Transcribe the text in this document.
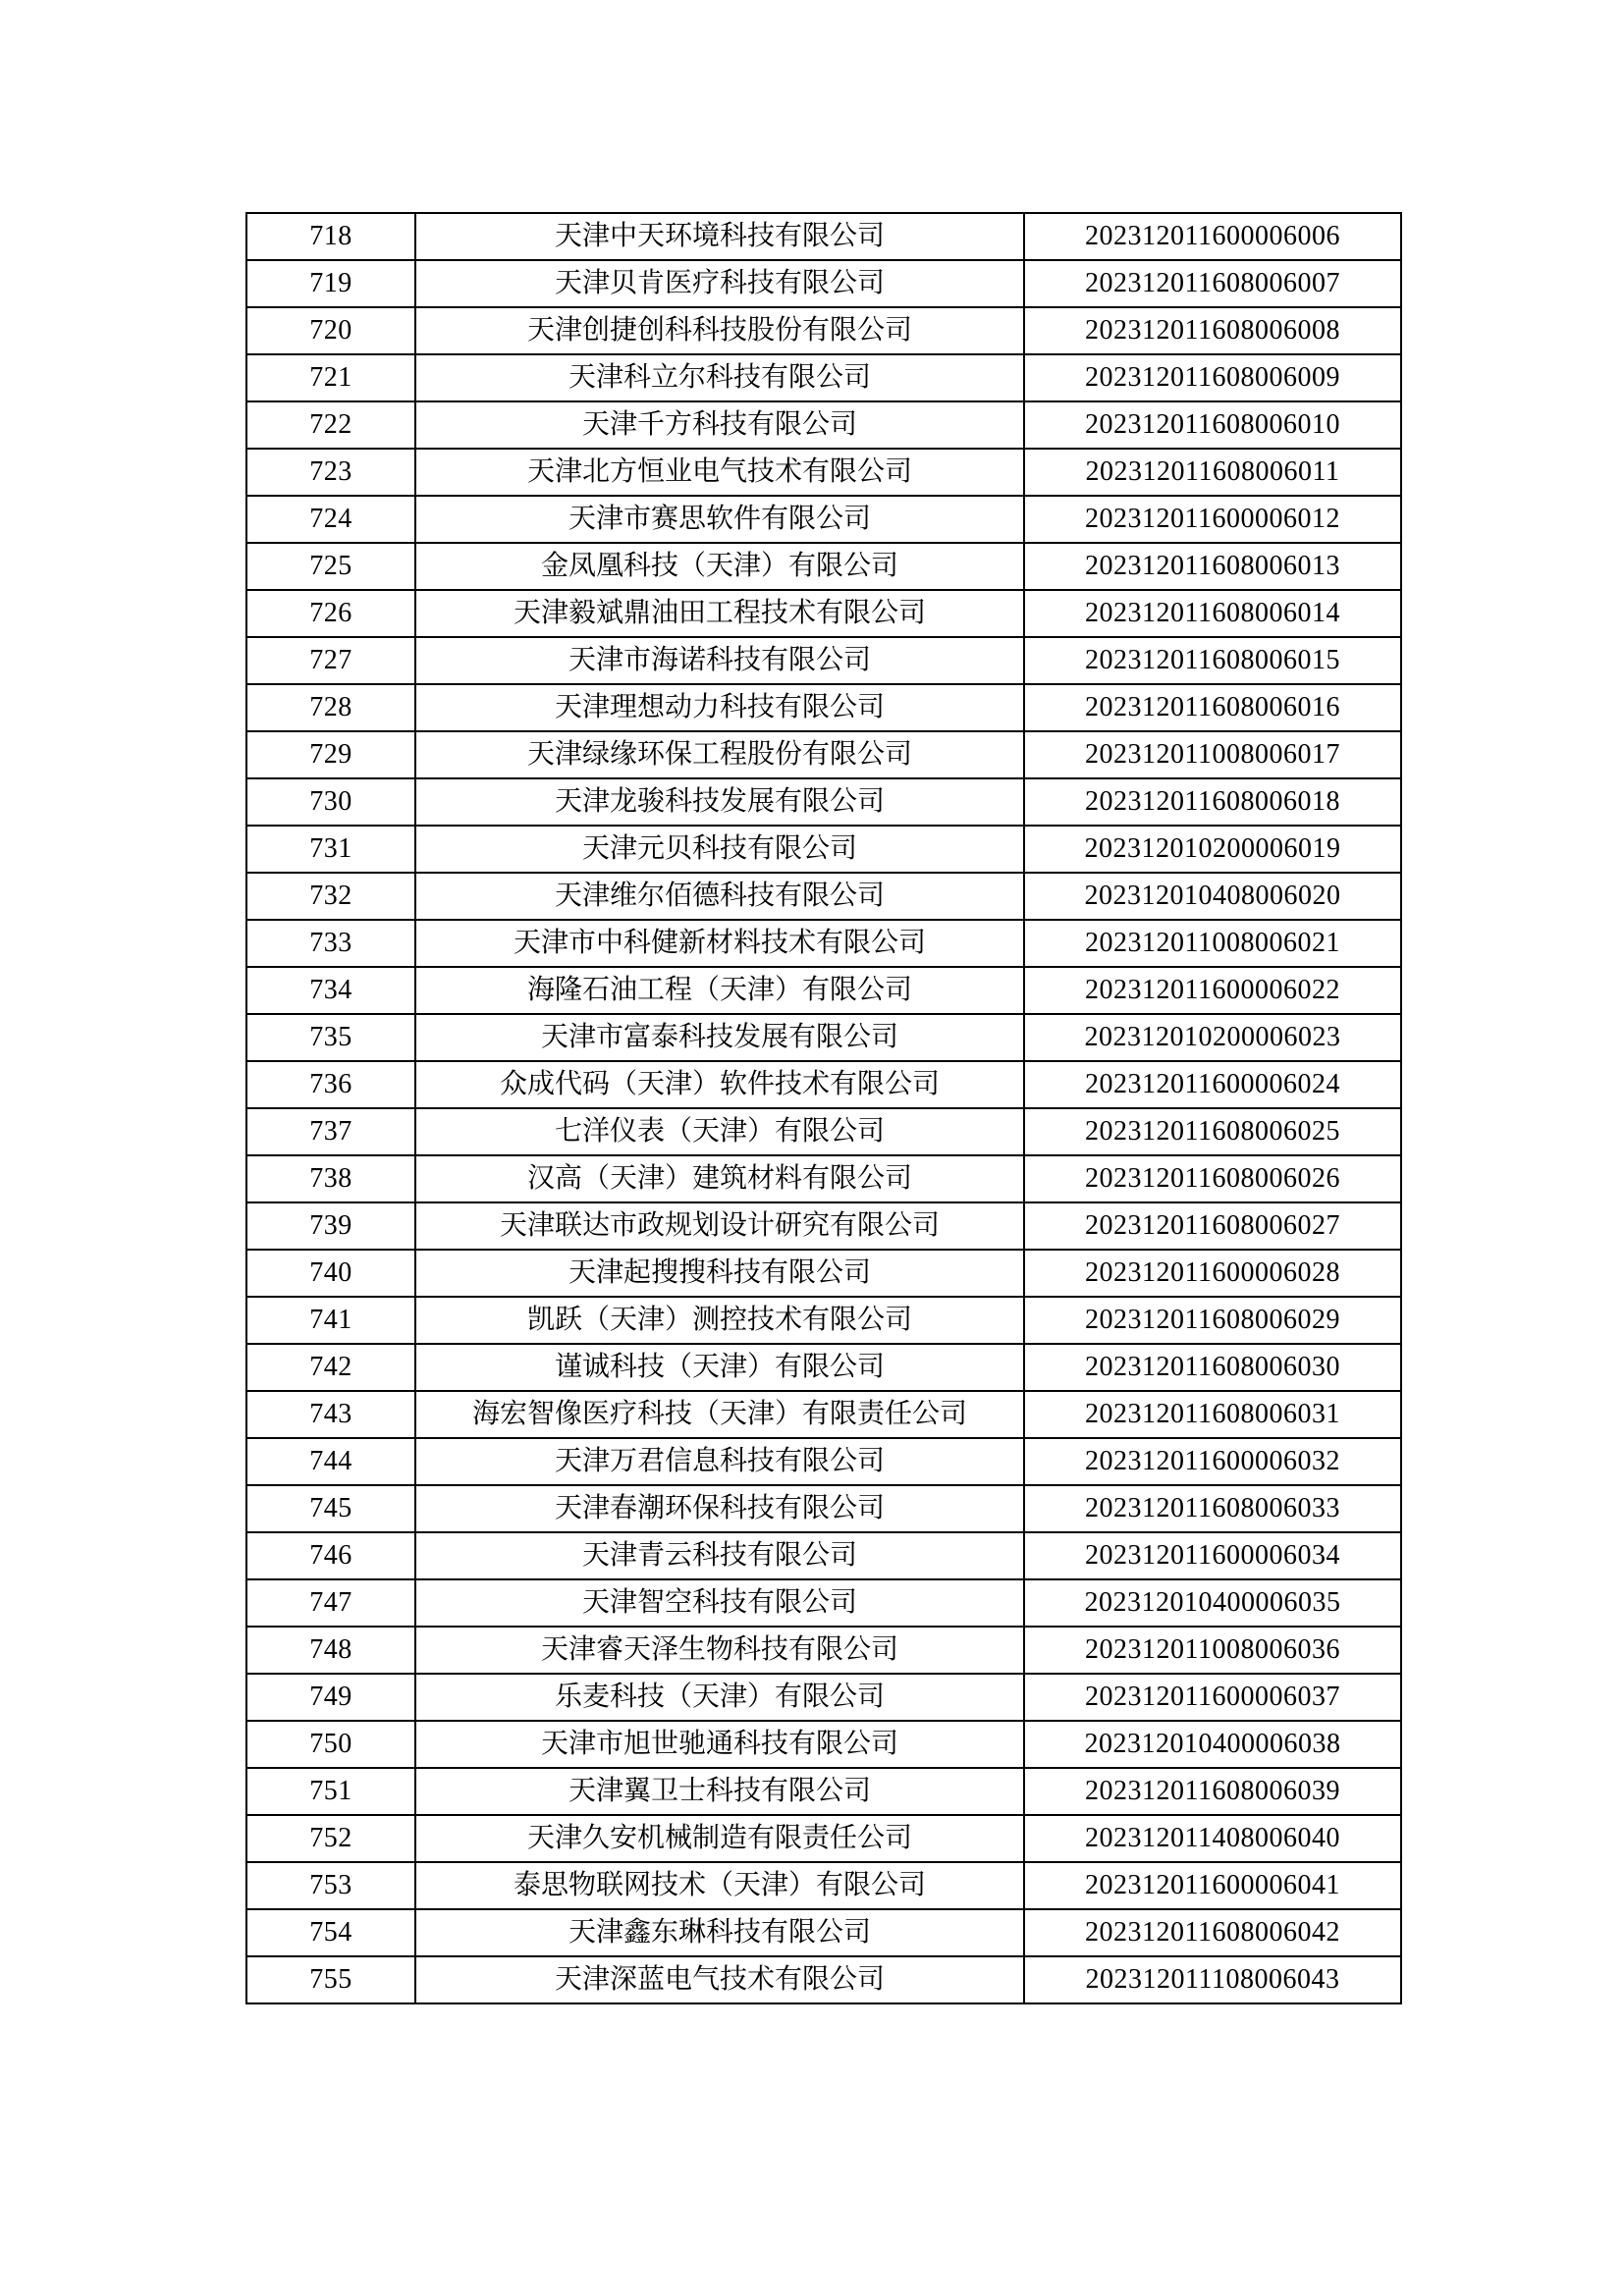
718	天津中天环境科技有限公司	202312011600006006
719	天津贝肯医疗科技有限公司	202312011608006007
720	天津创捷创科科技股份有限公司	202312011608006008
721	天津科立尔科技有限公司	202312011608006009
722	天津千方科技有限公司	202312011608006010
723	天津北方恒业电气技术有限公司	202312011608006011
724	天津市赛思软件有限公司	202312011600006012
725	金凤凰科技（天津）有限公司	202312011608006013
726	天津毅斌鼎油田工程技术有限公司	202312011608006014
727	天津市海诺科技有限公司	202312011608006015
728	天津理想动力科技有限公司	202312011608006016
729	天津绿缘环保工程股份有限公司	202312011008006017
730	天津龙骏科技发展有限公司	202312011608006018
731	天津元贝科技有限公司	202312010200006019
732	天津维尔佰德科技有限公司	202312010408006020
733	天津市中科健新材料技术有限公司	202312011008006021
734	海隆石油工程（天津）有限公司	202312011600006022
735	天津市富泰科技发展有限公司	202312010200006023
736	众成代码（天津）软件技术有限公司	202312011600006024
737	七洋仪表（天津）有限公司	202312011608006025
738	汉高（天津）建筑材料有限公司	202312011608006026
739	天津联达市政规划设计研究有限公司	202312011608006027
740	天津起搜搜科技有限公司	202312011600006028
741	凯跃（天津）测控技术有限公司	202312011608006029
742	谨诚科技（天津）有限公司	202312011608006030
743	海宏智像医疗科技（天津）有限责任公司	202312011608006031
744	天津万君信息科技有限公司	202312011600006032
745	天津春潮环保科技有限公司	202312011608006033
746	天津青云科技有限公司	202312011600006034
747	天津智空科技有限公司	202312010400006035
748	天津睿天泽生物科技有限公司	202312011008006036
749	乐麦科技（天津）有限公司	202312011600006037
750	天津市旭世驰通科技有限公司	202312010400006038
751	天津翼卫士科技有限公司	202312011608006039
752	天津久安机械制造有限责任公司	202312011408006040
753	泰思物联网技术（天津）有限公司	202312011600006041
754	天津鑫东琳科技有限公司	202312011608006042
755	天津深蓝电气技术有限公司	202312011108006043
